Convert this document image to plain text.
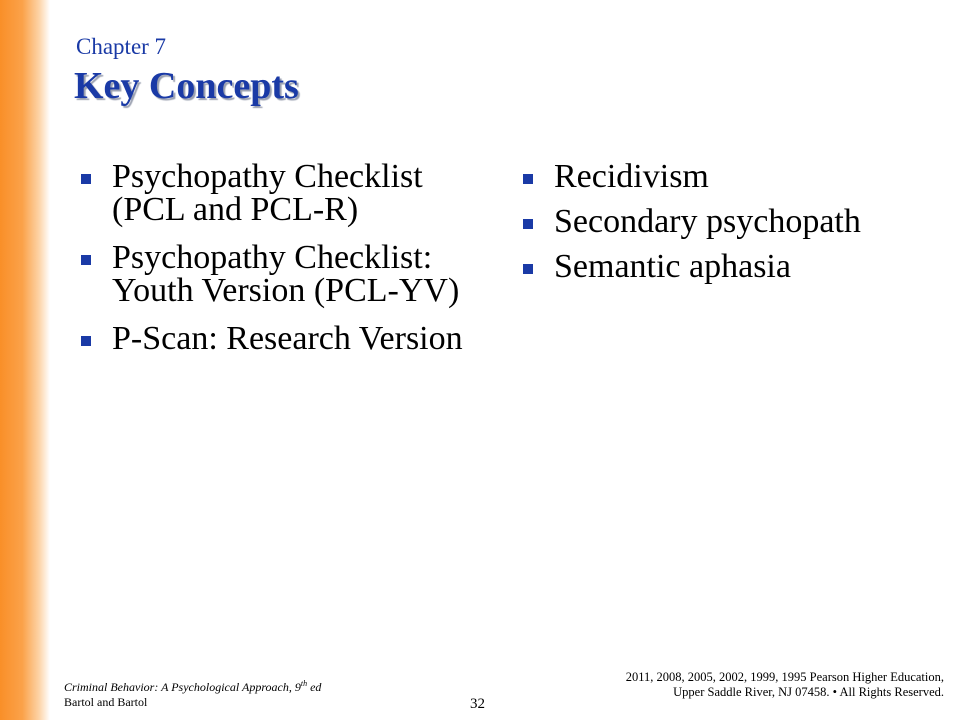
Chapter 7
Key Concepts
Psychopathy Checklist (PCL and PCL-R)
Psychopathy Checklist: Youth Version (PCL-YV)
P-Scan: Research Version
Recidivism
Secondary psychopath
Semantic aphasia
Criminal Behavior: A Psychological Approach, 9th ed
Bartol and Bartol	32
2011, 2008, 2005, 2002, 1999, 1995 Pearson Higher Education,
Upper Saddle River, NJ 07458. • All Rights Reserved.
